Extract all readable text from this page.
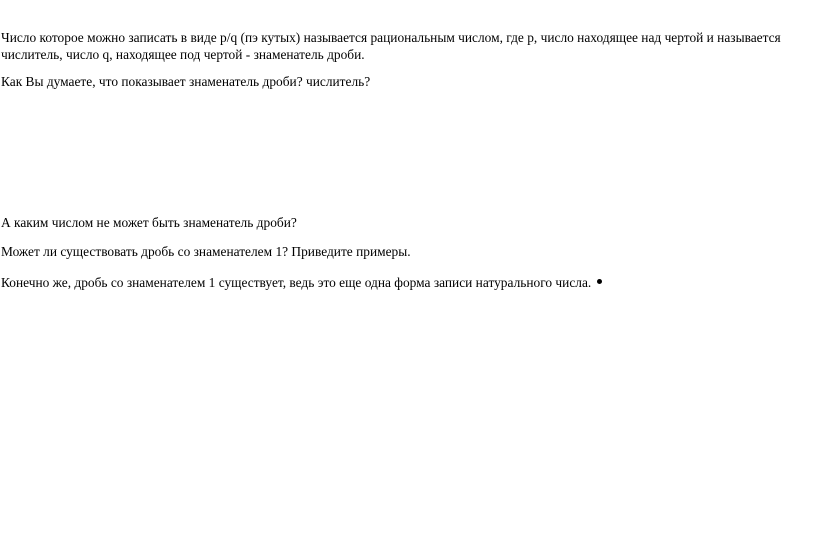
Число которое можно записать в виде p/q (пэ кутых) называется рациональным числом, где p, число находящее над чертой и называется числитель, число q, находящее под чертой - знаменатель дроби.

Как Вы думаете, что показывает знаменатель дроби? числитель?

А каким числом не может быть знаменатель дроби?

Может ли существовать дробь со знаменателем 1? Приведите примеры.

Конечно же, дробь со знаменателем 1 существует, ведь это еще одна форма записи натурального числа.
